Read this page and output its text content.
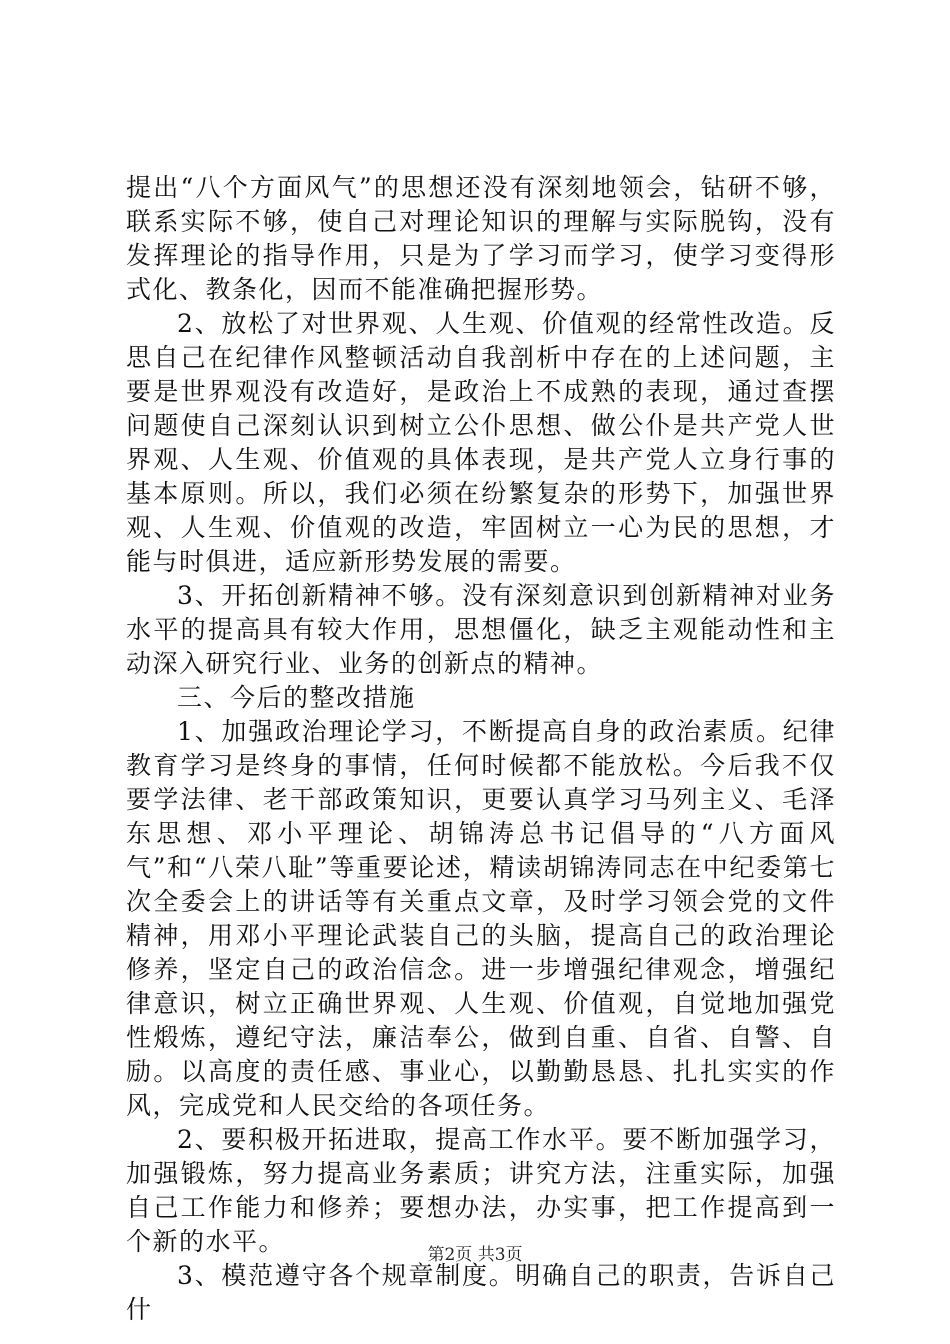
提出“八个方面风气”的思想还没有深刻地领会，钻研不够，联系实际不够，使自己对理论知识的理解与实际脱钩，没有发挥理论的指导作用，只是为了学习而学习，使学习变得形式化、教条化，因而不能准确把握形势。

2、放松了对世界观、人生观、价值观的经常性改造。反思自己在纪律作风整顿活动自我剖析中存在的上述问题，主要是世界观没有改造好，是政治上不成熟的表现，通过查摆问题使自己深刻认识到树立公仆思想、做公仆是共产党人世界观、人生观、价值观的具体表现，是共产党人立身行事的基本原则。所以，我们必须在纷繁复杂的形势下，加强世界观、人生观、价值观的改造，牢固树立一心为民的思想，才能与时俱进，适应新形势发展的需要。

3、开拓创新精神不够。没有深刻意识到创新精神对业务水平的提高具有较大作用，思想僵化，缺乏主观能动性和主动深入研究行业、业务的创新点的精神。

三、今后的整改措施

1、加强政治理论学习，不断提高自身的政治素质。纪律教育学习是终身的事情，任何时候都不能放松。今后我不仅要学法律、老干部政策知识，更要认真学习马列主义、毛泽东思想、邓小平理论、胡锦涛总书记倡导的“八方面风气”和“八荣八耻”等重要论述，精读胡锦涛同志在中纪委第七次全委会上的讲话等有关重点文章，及时学习领会党的文件精神，用邓小平理论武装自己的头脑，提高自己的政治理论修养，坚定自己的政治信念。进一步增强纪律观念，增强纪律意识，树立正确世界观、人生观、价值观，自觉地加强党性煅炼，遵纪守法，廉洁奉公，做到自重、自省、自警、自励。以高度的责任感、事业心，以勤勤恳恳、扎扎实实的作风，完成党和人民交给的各项任务。

2、要积极开拓进取，提高工作水平。要不断加强学习，加强锻炼，努力提高业务素质；讲究方法，注重实际，加强自己工作能力和修养；要想办法，办实事，把工作提高到一个新的水平。

3、模范遵守各个规章制度。明确自己的职责，告诉自己什

第2页 共3页
